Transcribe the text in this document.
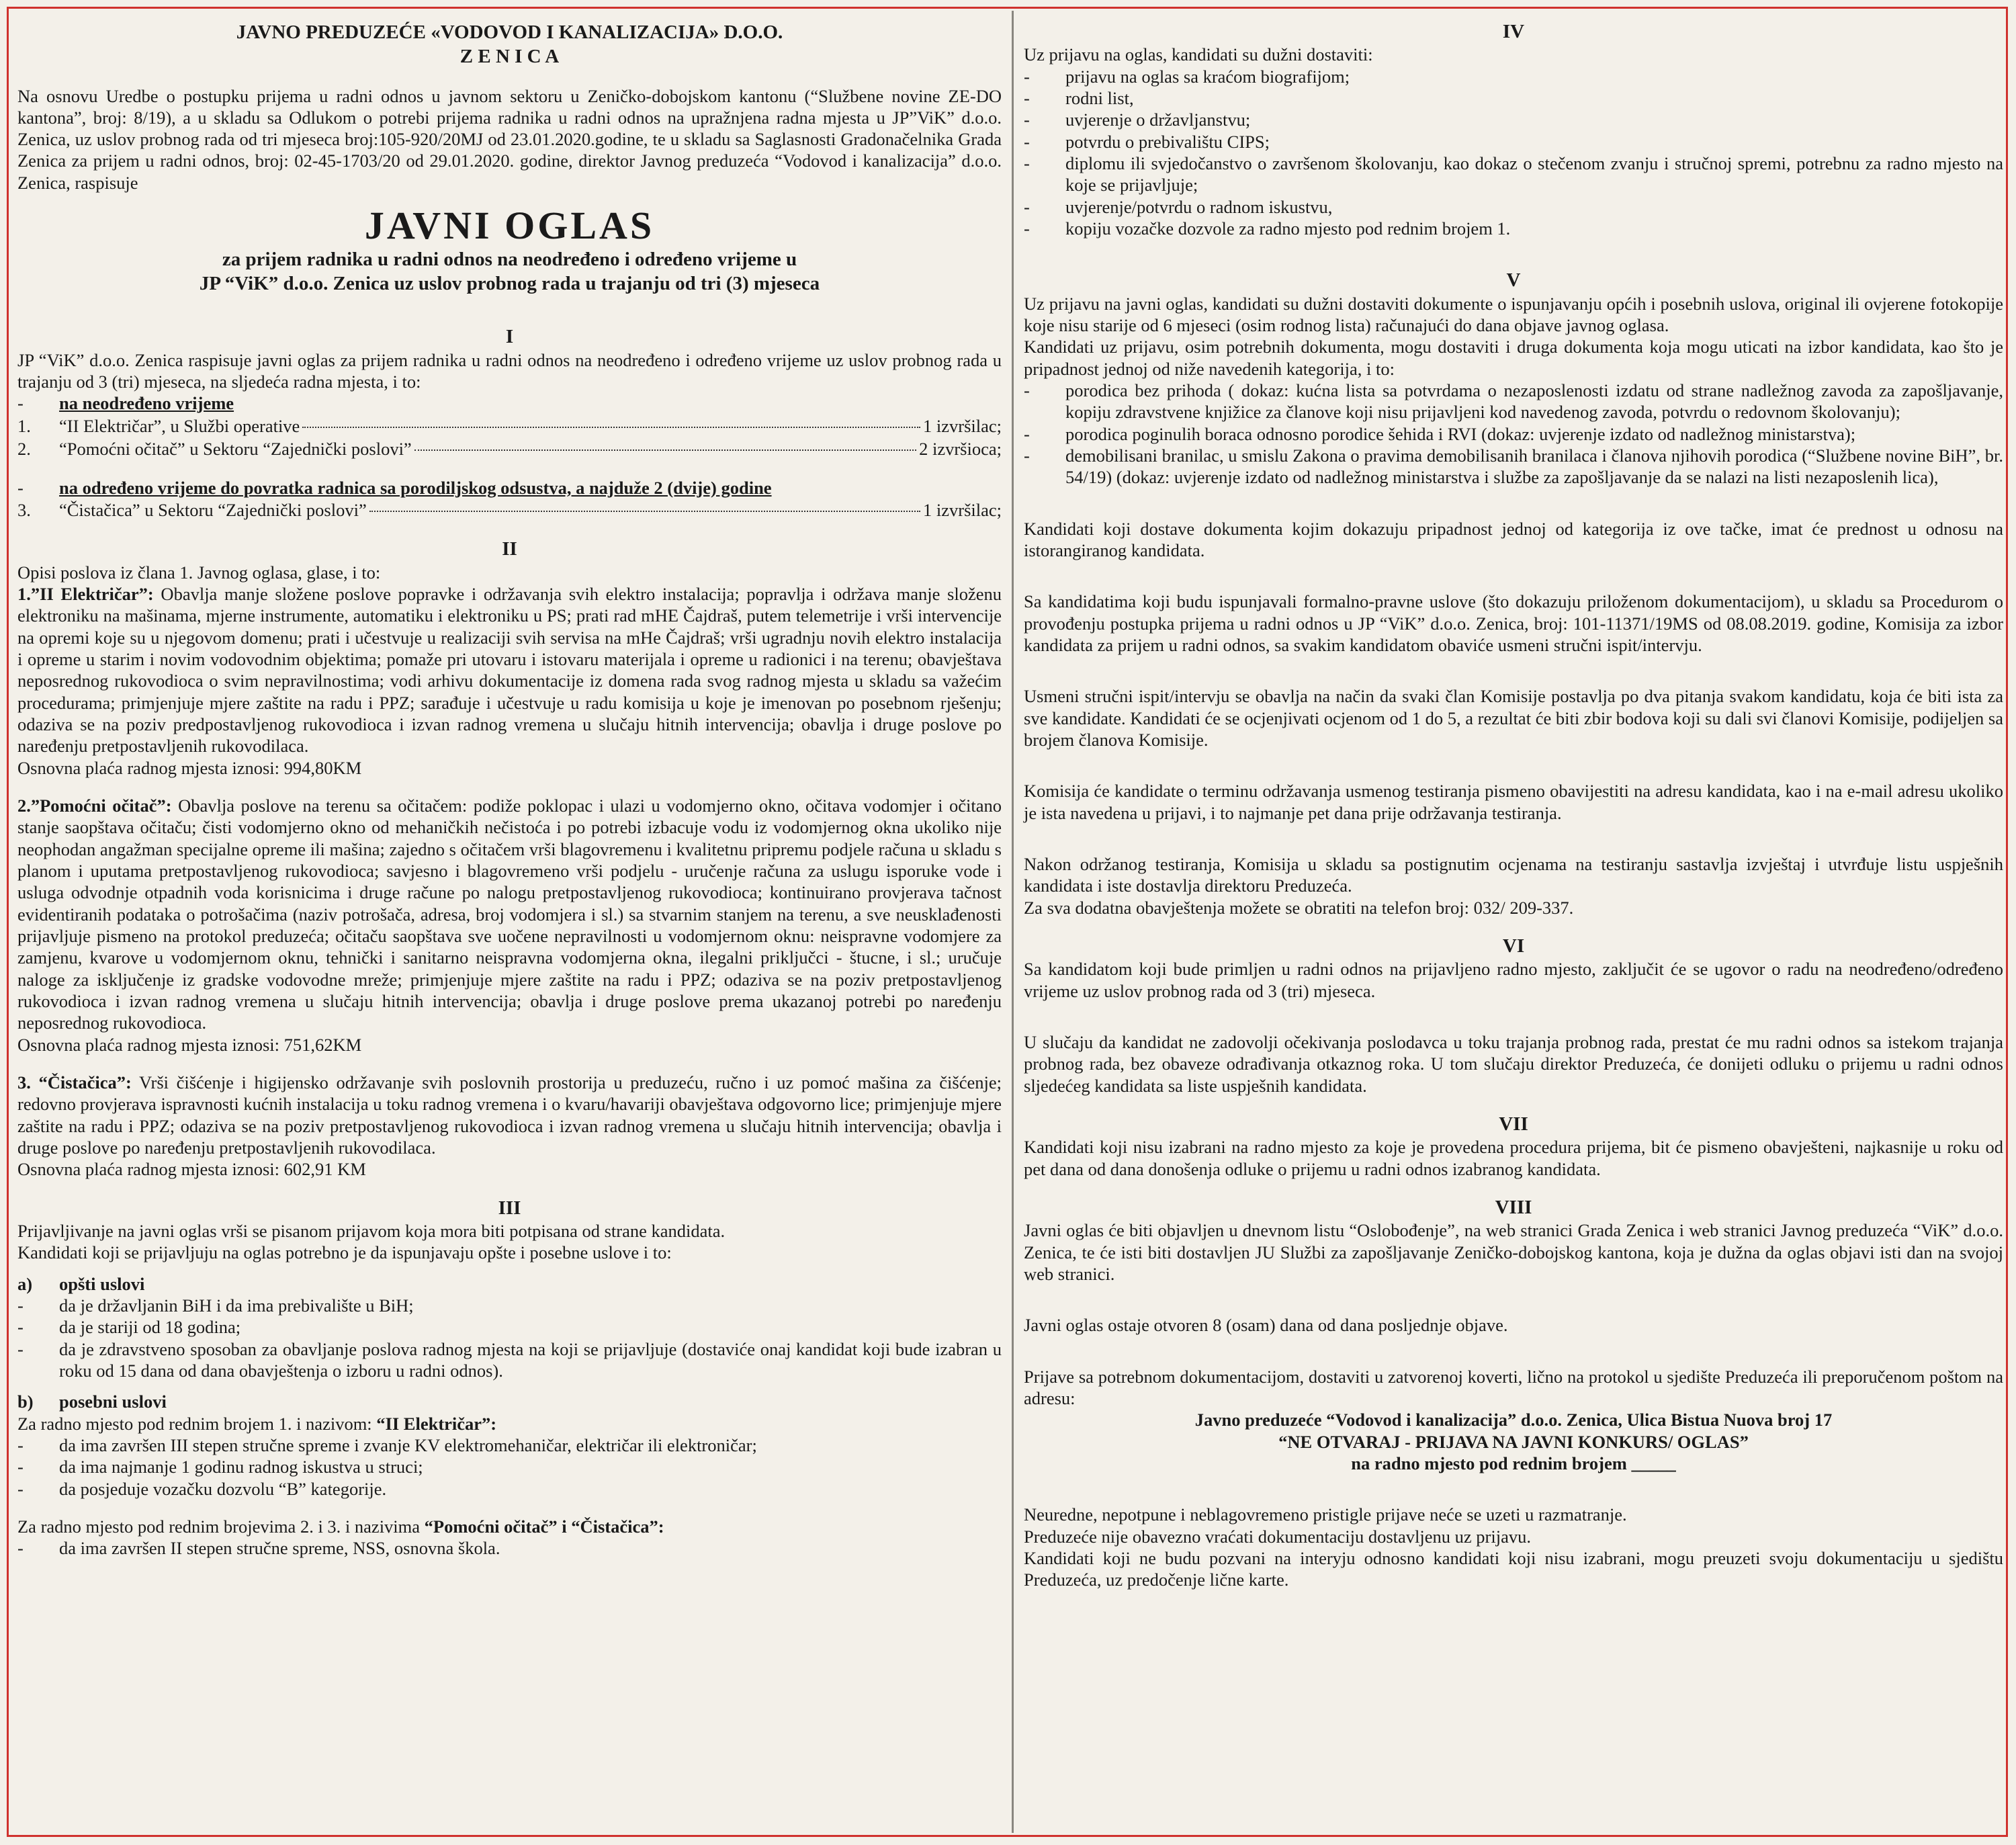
JAVNO PREDUZEĆE «VODOVOD I KANALIZACIJA» D.O.O.

Z E N I C A

Na osnovu Uredbe o postupku prijema u radni odnos u javnom sektoru u Zeničko-dobojskom kantonu (“Službene novine ZE-DO kantona”, broj: 8/19), a u skladu sa Odlukom o potrebi prijema radnika u radni odnos na upražnjena radna mjesta u JP”ViK” d.o.o. Zenica, uz uslov probnog rada od tri mjeseca broj:105-920/20MJ od 23.01.2020.godine, te u skladu sa Saglasnosti Gradonačelnika Grada Zenica za prijem u radni odnos, broj: 02-45-1703/20 od 29.01.2020. godine, direktor Javnog preduzeća “Vodovod i kanalizacija” d.o.o. Zenica, raspisuje

JAVNI OGLAS

za prijem radnika u radni odnos na neodređeno i određeno vrijeme u

JP “ViK” d.o.o. Zenica uz uslov probnog rada u trajanju od tri (3) mjeseca

I

JP “ViK” d.o.o. Zenica raspisuje javni oglas za prijem radnika u radni odnos na neodređeno i određeno vrijeme uz uslov probnog rada u trajanju od 3 (tri) mjeseca, na sljedeća radna mjesta, i to:

-	na neodređeno vrijeme
1.	“II Električar”, u Službi operative	1 izvršilac;
2.	“Pomoćni očitač” u Sektoru “Zajednički poslovi”	2 izvršioca;
-	na određeno vrijeme do povratka radnica sa porodiljskog odsustva, a najduže 2 (dvije) godine
3.	“Čistačica” u Sektoru “Zajednički poslovi”	1 izvršilac;

II

Opisi poslova iz člana 1. Javnog oglasa, glase, i to:

1.”II Električar”: Obavlja manje složene poslove popravke i održavanja svih elektro instalacija; popravlja i održava manje složenu elektroniku na mašinama, mjerne instrumente, automatiku i elektroniku u PS; prati rad mHE Čajdraš, putem telemetrije i vrši intervencije na opremi koje su u njegovom domenu; prati i učestvuje u realizaciji svih servisa na mHe Čajdraš; vrši ugradnju novih elektro instalacija i opreme u starim i novim vodovodnim objektima; pomaže pri utovaru i istovaru materijala i opreme u radionici i na terenu; obavještava neposrednog rukovodioca o svim nepravilnostima; vodi arhivu dokumentacije iz domena rada svog radnog mjesta u skladu sa važećim procedurama; primjenjuje mjere zaštite na radu i PPZ; sarađuje i učestvuje u radu komisija u koje je imenovan po posebnom rješenju; odaziva se na poziv predpostavljenog rukovodioca i izvan radnog vremena u slučaju hitnih intervencija; obavlja i druge poslove po naređenju pretpostavljenih rukovodilaca.

Osnovna plaća radnog mjesta iznosi: 994,80KM

2.”Pomoćni očitač”: Obavlja poslove na terenu sa očitačem: podiže poklopac i ulazi u vodomjerno okno, očitava vodomjer i očitano stanje saopštava očitaču; čisti vodomjerno okno od mehaničkih nečistoća i po potrebi izbacuje vodu iz vodomjernog okna ukoliko nije neophodan angažman specijalne opreme ili mašina; zajedno s očitačem vrši blagovremenu i kvalitetnu pripremu podjele računa u skladu s planom i uputama pretpostavljenog rukovodioca; savjesno i blagovremeno vrši podjelu - uručenje računa za uslugu isporuke vode i usluga odvodnje otpadnih voda korisnicima i druge račune po nalogu pretpostavljenog rukovodioca; kontinuirano provjerava tačnost evidentiranih podataka o potrošačima (naziv potrošača, adresa, broj vodomjera i sl.) sa stvarnim stanjem na terenu, a sve neusklađenosti prijavljuje pismeno na protokol preduzeća; očitaču saopštava sve uočene nepravilnosti u vodomjernom oknu: neispravne vodomjere za zamjenu, kvarove u vodomjernom oknu, tehnički i sanitarno neispravna vodomjerna okna, ilegalni priključci - štucne, i sl.; uručuje naloge za isključenje iz gradske vodovodne mreže; primjenjuje mjere zaštite na radu i PPZ; odaziva se na poziv pretpostavljenog rukovodioca i izvan radnog vremena u slučaju hitnih intervencija; obavlja i druge poslove prema ukazanoj potrebi po naređenju neposrednog rukovodioca.

Osnovna plaća radnog mjesta iznosi: 751,62KM

3. “Čistačica”: Vrši čišćenje i higijensko održavanje svih poslovnih prostorija u preduzeću, ručno i uz pomoć mašina za čišćenje; redovno provjerava ispravnosti kućnih instalacija u toku radnog vremena i o kvaru/havariji obavještava odgovorno lice; primjenjuje mjere zaštite na radu i PPZ; odaziva se na poziv pretpostavljenog rukovodioca i izvan radnog vremena u slučaju hitnih intervencija; obavlja i druge poslove po naređenju pretpostavljenih rukovodilaca.

Osnovna plaća radnog mjesta iznosi: 602,91 KM

III

Prijavljivanje na javni oglas vrši se pisanom prijavom koja mora biti potpisana od strane kandidata.

Kandidati koji se prijavljuju na oglas potrebno je da ispunjavaju opšte i posebne uslove i to:

a)	opšti uslovi
-	da je državljanin BiH i da ima prebivalište u BiH;
-	da je stariji od 18 godina;
-	da je zdravstveno sposoban za obavljanje poslova radnog mjesta na koji se prijavljuje (dostaviće onaj kandidat koji bude izabran u roku od 15 dana od dana obavještenja o izboru u radni odnos).
b)	posebni uslovi

Za radno mjesto pod rednim brojem 1. i nazivom: “II Električar”:

-	da ima završen III stepen stručne spreme i zvanje KV elektromehaničar, električar ili elektroničar;
-	da ima najmanje 1 godinu radnog iskustva u struci;
-	da posjeduje vozačku dozvolu “B” kategorije.

Za radno mjesto pod rednim brojevima 2. i 3. i nazivima “Pomoćni očitač” i “Čistačica”:

-	da ima završen II stepen stručne spreme, NSS, osnovna škola.

IV

Uz prijavu na oglas, kandidati su dužni dostaviti:

-	prijavu na oglas sa kraćom biografijom;
-	rodni list,
-	uvjerenje o državljanstvu;
-	potvrdu o prebivalištu CIPS;
-	diplomu ili svjedočanstvo o završenom školovanju, kao dokaz o stečenom zvanju i stručnoj spremi, potrebnu za radno mjesto na koje se prijavljuje;
-	uvjerenje/potvrdu o radnom iskustvu,
-	kopiju vozačke dozvole za radno mjesto pod rednim brojem 1.

V

Uz prijavu na javni oglas, kandidati su dužni dostaviti dokumente o ispunjavanju općih i posebnih uslova, original ili ovjerene fotokopije koje nisu starije od 6 mjeseci (osim rodnog lista) računajući do dana objave javnog oglasa.

Kandidati uz prijavu, osim potrebnih dokumenta, mogu dostaviti i druga dokumenta koja mogu uticati na izbor kandidata, kao što je pripadnost jednoj od niže navedenih kategorija, i to:

-	porodica bez prihoda ( dokaz: kućna lista sa potvrdama o nezaposlenosti izdatu od strane nadležnog zavoda za zapošljavanje, kopiju zdravstvene knjižice za članove koji nisu prijavljeni kod navedenog zavoda, potvrdu o redovnom školovanju);
-	porodica poginulih boraca odnosno porodice šehida i RVI (dokaz: uvjerenje izdato od nadležnog ministarstva);
-	demobilisani branilac, u smislu Zakona o pravima demobilisanih branilaca i članova njihovih porodica (“Službene novine BiH”, br. 54/19) (dokaz: uvjerenje izdato od nadležnog ministarstva i službe za zapošljavanje da se nalazi na listi nezaposlenih lica),

Kandidati koji dostave dokumenta kojim dokazuju pripadnost jednoj od kategorija iz ove tačke, imat će prednost u odnosu na istorangiranog kandidata.

Sa kandidatima koji budu ispunjavali formalno-pravne uslove (što dokazuju priloženom dokumentacijom), u skladu sa Procedurom o provođenju postupka prijema u radni odnos u JP “ViK” d.o.o. Zenica, broj: 101-11371/19MS od 08.08.2019. godine, Komisija za izbor kandidata za prijem u radni odnos, sa svakim kandidatom obaviće usmeni stručni ispit/intervju.

Usmeni stručni ispit/intervju se obavlja na način da svaki član Komisije postavlja po dva pitanja svakom kandidatu, koja će biti ista za sve kandidate. Kandidati će se ocjenjivati ocjenom od 1 do 5, a rezultat će biti zbir bodova koji su dali svi članovi Komisije, podijeljen sa brojem članova Komisije.

Komisija će kandidate o terminu održavanja usmenog testiranja pismeno obavijestiti na adresu kandidata, kao i na e-mail adresu ukoliko je ista navedena u prijavi, i to najmanje pet dana prije održavanja testiranja.

Nakon održanog testiranja, Komisija u skladu sa postignutim ocjenama na testiranju sastavlja izvještaj i utvrđuje listu uspješnih kandidata i iste dostavlja direktoru Preduzeća.

Za sva dodatna obavještenja možete se obratiti na telefon broj: 032/ 209-337.

VI

Sa kandidatom koji bude primljen u radni odnos na prijavljeno radno mjesto, zaključit će se ugovor o radu na neodređeno/određeno vrijeme uz uslov probnog rada od 3 (tri) mjeseca.

U slučaju da kandidat ne zadovolji očekivanja poslodavca u toku trajanja probnog rada, prestat će mu radni odnos sa istekom trajanja probnog rada, bez obaveze odrađivanja otkaznog roka. U tom slučaju direktor Preduzeća, će donijeti odluku o prijemu u radni odnos sljedećeg kandidata sa liste uspješnih kandidata.

VII

Kandidati koji nisu izabrani na radno mjesto za koje je provedena procedura prijema, bit će pismeno obavješteni, najkasnije u roku od pet dana od dana donošenja odluke o prijemu u radni odnos izabranog kandidata.

VIII

Javni oglas će biti objavljen u dnevnom listu “Oslobođenje”, na web stranici Grada Zenica i web stranici Javnog preduzeća “ViK” d.o.o. Zenica, te će isti biti dostavljen JU Službi za zapošljavanje Zeničko-dobojskog kantona, koja je dužna da oglas objavi isti dan na svojoj web stranici.

Javni oglas ostaje otvoren 8 (osam) dana od dana posljednje objave.

Prijave sa potrebnom dokumentacijom, dostaviti u zatvorenoj koverti, lično na protokol u sjedište Preduzeća ili preporučenom poštom na adresu:

Javno preduzeće “Vodovod i kanalizacija” d.o.o. Zenica, Ulica Bistua Nuova broj 17

“NE OTVARAJ - PRIJAVA NA JAVNI KONKURS/ OGLAS”

na radno mjesto pod rednim brojem _____

Neuredne, nepotpune i neblagovremeno pristigle prijave neće se uzeti u razmatranje.

Preduzeće nije obavezno vraćati dokumentaciju dostavljenu uz prijavu.

Kandidati koji ne budu pozvani na interyju odnosno kandidati koji nisu izabrani, mogu preuzeti svoju dokumentaciju u sjedištu Preduzeća, uz predočenje lične karte.
